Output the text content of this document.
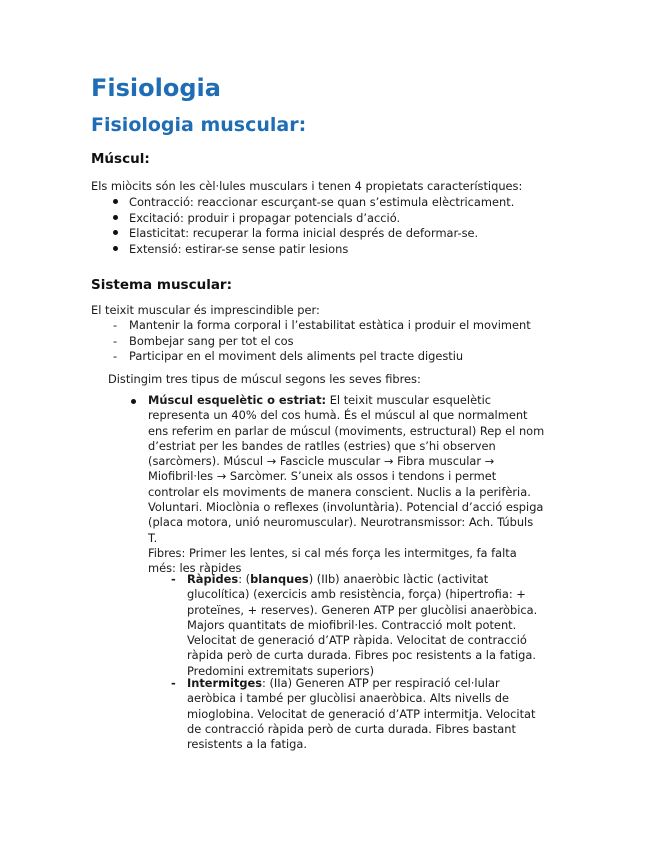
Fisiologia
Fisiologia muscular:
Múscul:
Els miòcits són les cèl·lules musculars i tenen 4 propietats característiques:
Contracció: reaccionar escurçant-se quan s’estimula elèctricament.
Excitació: produir i propagar potencials d’acció.
Elasticitat: recuperar la forma inicial després de deformar-se.
Extensió: estirar-se sense patir lesions
Sistema muscular:
El teixit muscular és imprescindible per:
- Mantenir la forma corporal i l’estabilitat estàtica i produir el moviment
- Bombejar sang per tot el cos
- Participar en el moviment dels aliments pel tracte digestiu
Distingim tres tipus de múscul segons les seves fibres:
Múscul esquelètic o estriat: El teixit muscular esquelètic
representa un 40% del cos humà. És el múscul al que normalment
ens referim en parlar de múscul (moviments, estructural) Rep el nom
d’estriat per les bandes de ratlles (estries) que s’hi observen
(sarcòmers). Múscul → Fascicle muscular → Fibra muscular →
Miofibril·les → Sarcòmer. S’uneix als ossos i tendons i permet
controlar els moviments de manera conscient. Nuclis a la perifèria.
Voluntari. Mioclònia o reflexes (involuntària). Potencial d’acció espiga
(placa motora, unió neuromuscular). Neurotransmissor: Ach. Túbuls
T.
Fibres: Primer les lentes, si cal més força les intermitges, fa falta
més: les ràpides
- Ràpides: (blanques) (IIb) anaeròbic làctic (activitat
glucolítica) (exercicis amb resistència, força) (hipertrofia: +
proteïnes, + reserves). Generen ATP per glucòlisi anaeròbica.
Majors quantitats de miofibril·les. Contracció molt potent.
Velocitat de generació d’ATP ràpida. Velocitat de contracció
ràpida però de curta durada. Fibres poc resistents a la fatiga.
Predomini extremitats superiors)
- Intermitges: (IIa) Generen ATP per respiració cel·lular
aeròbica i també per glucòlisi anaeròbica. Alts nivells de
mioglobina. Velocitat de generació d’ATP intermitja. Velocitat
de contracció ràpida però de curta durada. Fibres bastant
resistents a la fatiga.
